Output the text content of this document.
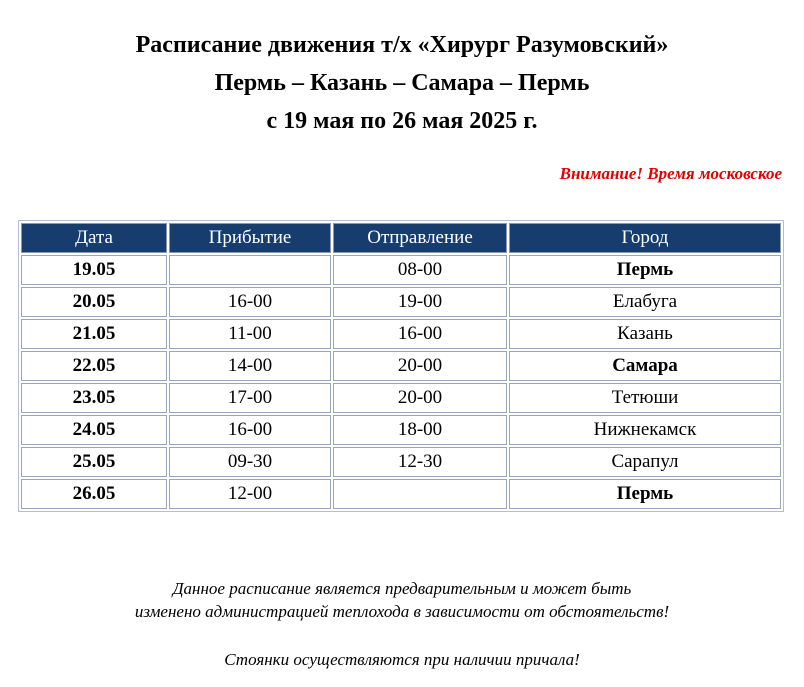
Расписание движения т/х «Хирург Разумовский»
Пермь – Казань – Самара – Пермь
с 19 мая по 26 мая 2025 г.
Внимание! Время московское
Дата	Прибытие	Отправление	Город
19.05		08-00	Пермь
20.05	16-00	19-00	Елабуга
21.05	11-00	16-00	Казань
22.05	14-00	20-00	Самара
23.05	17-00	20-00	Тетюши
24.05	16-00	18-00	Нижнекамск
25.05	09-30	12-30	Сарапул
26.05	12-00		Пермь
Данное расписание является предварительным и может быть
изменено администрацией теплохода в зависимости от обстоятельств!
Стоянки осуществляются при наличии причала!
